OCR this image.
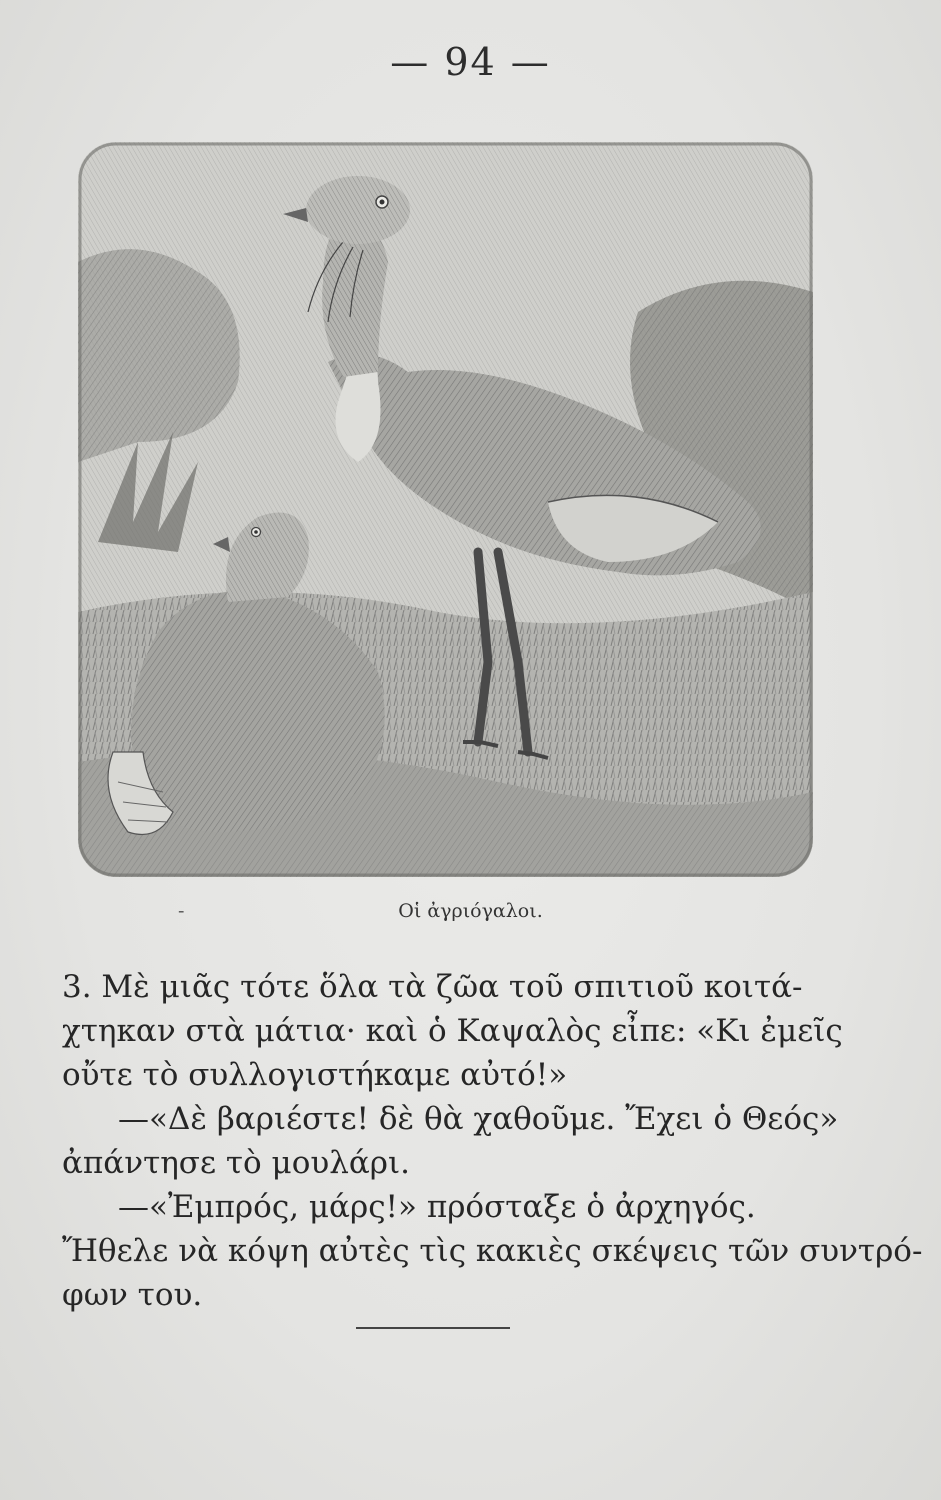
— 94 —
-	Οἱ ἀγριόγαλοι.

3. Μὲ μιᾶς τότε ὅλα τὰ ζῶα τοῦ σπιτιοῦ κοιτά-

χτηκαν στὰ μάτια· καὶ ὁ Καψαλὸς εἶπε: «Κι ἐμεῖς

οὔτε τὸ συλλογιστήκαμε αὐτό!»

—«Δὲ βαριέστε! δὲ θὰ χαθοῦμε. Ἔχει ὁ Θεός»

ἀπάντησε τὸ μουλάρι.

—«Ἐμπρός, μάρς!» πρόσταξε ὁ ἀρχηγός.

Ἤθελε νὰ κόψη αὐτὲς τὶς κακιὲς σκέψεις τῶν συντρό-

φων του.
